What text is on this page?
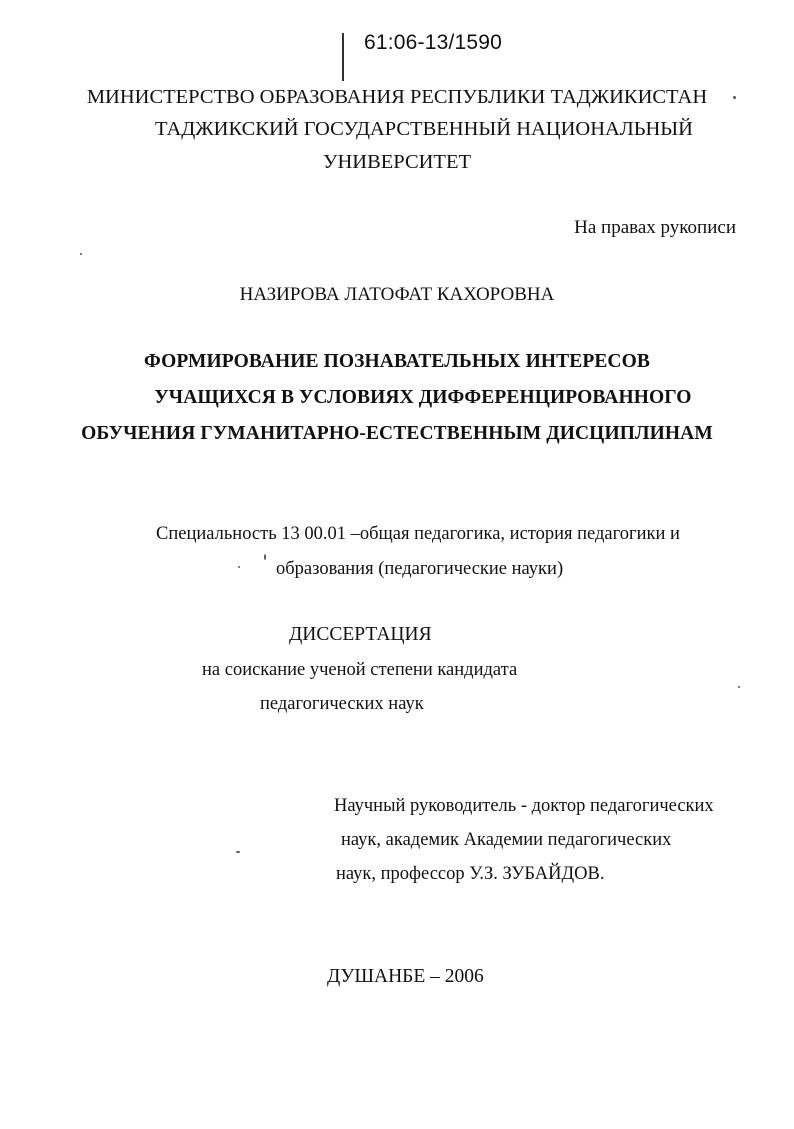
61:06-13/1590
МИНИСТЕРСТВО ОБРАЗОВАНИЯ РЕСПУБЛИКИ ТАДЖИКИСТАН
ТАДЖИКСКИЙ ГОСУДАРСТВЕННЫЙ НАЦИОНАЛЬНЫЙ
УНИВЕРСИТЕТ
На правах рукописи
НАЗИРОВА ЛАТОФАТ КАХОРОВНА
ФОРМИРОВАНИЕ ПОЗНАВАТЕЛЬНЫХ ИНТЕРЕСОВ
УЧАЩИХСЯ В УСЛОВИЯХ ДИФФЕРЕНЦИРОВАННОГО
ОБУЧЕНИЯ ГУМАНИТАРНО-ЕСТЕСТВЕННЫМ ДИСЦИПЛИНАМ
Специальность 13 00.01 –общая педагогика, история педагогики и
образования (педагогические науки)
ДИССЕРТАЦИЯ
на соискание ученой степени кандидата
педагогических наук
Научный руководитель - доктор педагогических
наук, академик Академии педагогических
наук, профессор У.З. ЗУБАЙДОВ.
ДУШАНБЕ – 2006
